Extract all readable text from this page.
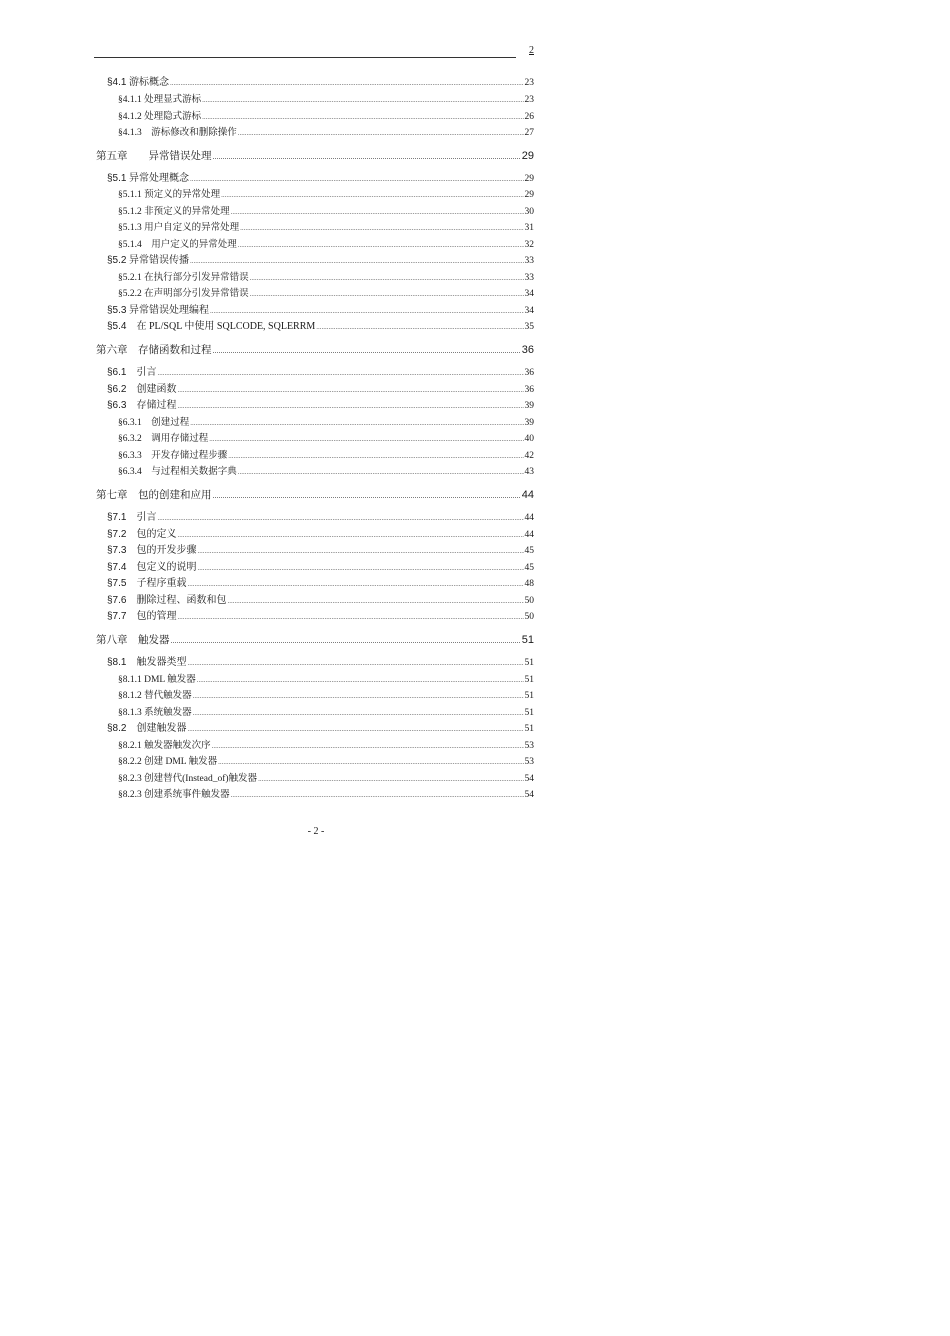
2
§4.1 游标概念 .....	23
§4.1.1 处理显式游标 .....	23
§4.1.2 处理隐式游标 .....	26
§4.1.3　游标修改和删除操作 .....	27
第五章　　异常错误处理 .....	29
§5.1 异常处理概念 .....	29
§5.1.1 预定义的异常处理 .....	29
§5.1.2 非预定义的异常处理 .....	30
§5.1.3 用户自定义的异常处理 .....	31
§5.1.4　用户定义的异常处理 .....	32
§5.2 异常错误传播 .....	33
§5.2.1 在执行部分引发异常错误 .....	33
§5.2.2 在声明部分引发异常错误 .....	34
§5.3 异常错误处理编程 .....	34
§5.4　在 PL/SQL 中使用 SQLCODE, SQLERRM .....	35
第六章　存储函数和过程 .....	36
§6.1　引言 .....	36
§6.2　创建函数 .....	36
§6.3　存储过程 .....	39
§6.3.1　创建过程 .....	39
§6.3.2　调用存储过程 .....	40
§6.3.3　开发存储过程步骤 .....	42
§6.3.4　与过程相关数据字典 .....	43
第七章　包的创建和应用 .....	44
§7.1　引言 .....	44
§7.2　包的定义 .....	44
§7.3　包的开发步骤 .....	45
§7.4　包定义的说明 .....	45
§7.5　子程序重载 .....	48
§7.6　删除过程、函数和包 .....	50
§7.7　包的管理 .....	50
第八章　触发器 .....	51
§8.1　触发器类型 .....	51
§8.1.1 DML 触发器 .....	51
§8.1.2 替代触发器 .....	51
§8.1.3 系统触发器 .....	51
§8.2　创建触发器 .....	51
§8.2.1 触发器触发次序 .....	53
§8.2.2 创建 DML 触发器 .....	53
§8.2.3 创建替代(Instead_of)触发器 .....	54
§8.2.3 创建系统事件触发器 .....	54
- 2 -
